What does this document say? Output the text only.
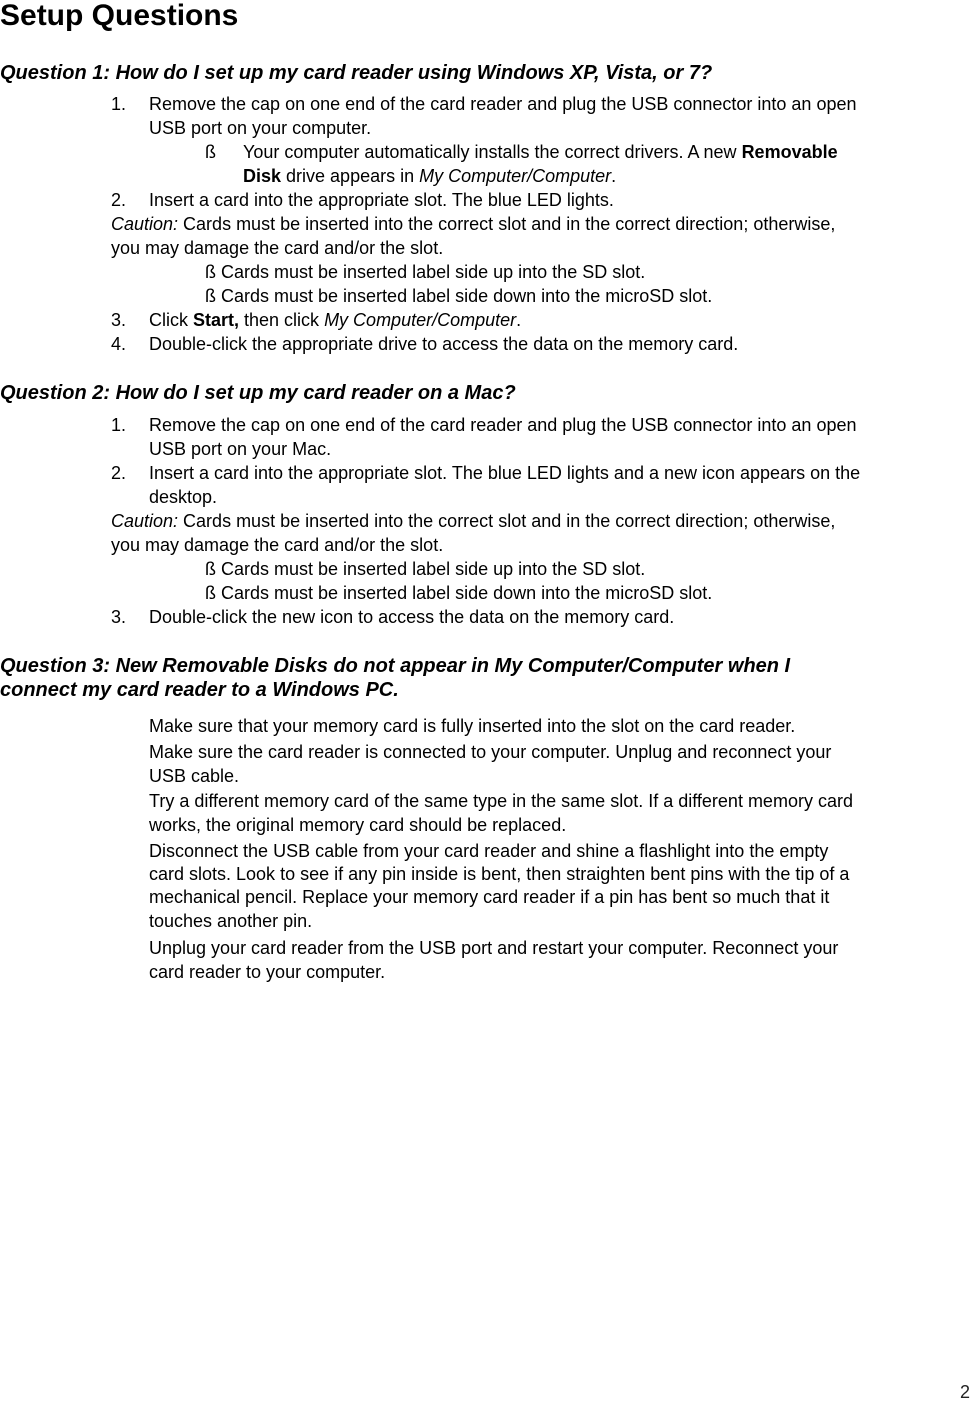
Setup Questions
Question 1: How do I set up my card reader using Windows XP, Vista, or 7?
1. Remove the cap on one end of the card reader and plug the USB connector into an open
USB port on your computer.
ß Your computer automatically installs the correct drivers. A new Removable
Disk drive appears in My Computer/Computer.
2. Insert a card into the appropriate slot. The blue LED lights.
Caution: Cards must be inserted into the correct slot and in the correct direction; otherwise,
you may damage the card and/or the slot.
ß Cards must be inserted label side up into the SD slot.
ß Cards must be inserted label side down into the microSD slot.
3. Click Start, then click My Computer/Computer.
4. Double-click the appropriate drive to access the data on the memory card.
Question 2: How do I set up my card reader on a Mac?
1. Remove the cap on one end of the card reader and plug the USB connector into an open
USB port on your Mac.
2. Insert a card into the appropriate slot. The blue LED lights and a new icon appears on the
desktop.
Caution: Cards must be inserted into the correct slot and in the correct direction; otherwise,
you may damage the card and/or the slot.
ß Cards must be inserted label side up into the SD slot.
ß Cards must be inserted label side down into the microSD slot.
3. Double-click the new icon to access the data on the memory card.
Question 3: New Removable Disks do not appear in My Computer/Computer when I
connect my card reader to a Windows PC.
Make sure that your memory card is fully inserted into the slot on the card reader.
Make sure the card reader is connected to your computer. Unplug and reconnect your
USB cable.
Try a different memory card of the same type in the same slot. If a different memory card
works, the original memory card should be replaced.
Disconnect the USB cable from your card reader and shine a flashlight into the empty
card slots. Look to see if any pin inside is bent, then straighten bent pins with the tip of a
mechanical pencil. Replace your memory card reader if a pin has bent so much that it
touches another pin.
Unplug your card reader from the USB port and restart your computer. Reconnect your
card reader to your computer.
2
